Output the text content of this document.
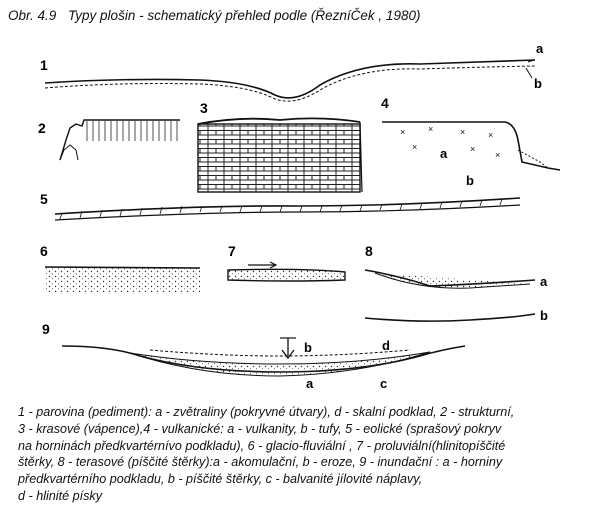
Obr. 4.9 Typy plošin - schematický přehled podle (ŘezníČek , 1980)
1
a
b
2
3	4
×	×	×	×
×	×
×
a
b
5
6	7	8
a
b
9
b	d
a	c
1 - parovina (pediment): a - zvětraliny (pokryvné útvary), d - skalní podklad, 2 - strukturní,
3 - krasové (vápence),4 - vulkanické: a - vulkanity, b - tufy, 5 - eolické (sprašový pokryv
na horninách předkvartérnívo podkladu), 6 - glacio-fluviální , 7 - proluviální(hlinitopíščité
štěrky, 8 - terasové (píščité štěrky):a - akomulační, b - eroze, 9 - inundační : a - horniny
předkvartérního podkladu, b - píščité štěrky, c - balvanité jílovité náplavy,
d - hlinité písky
